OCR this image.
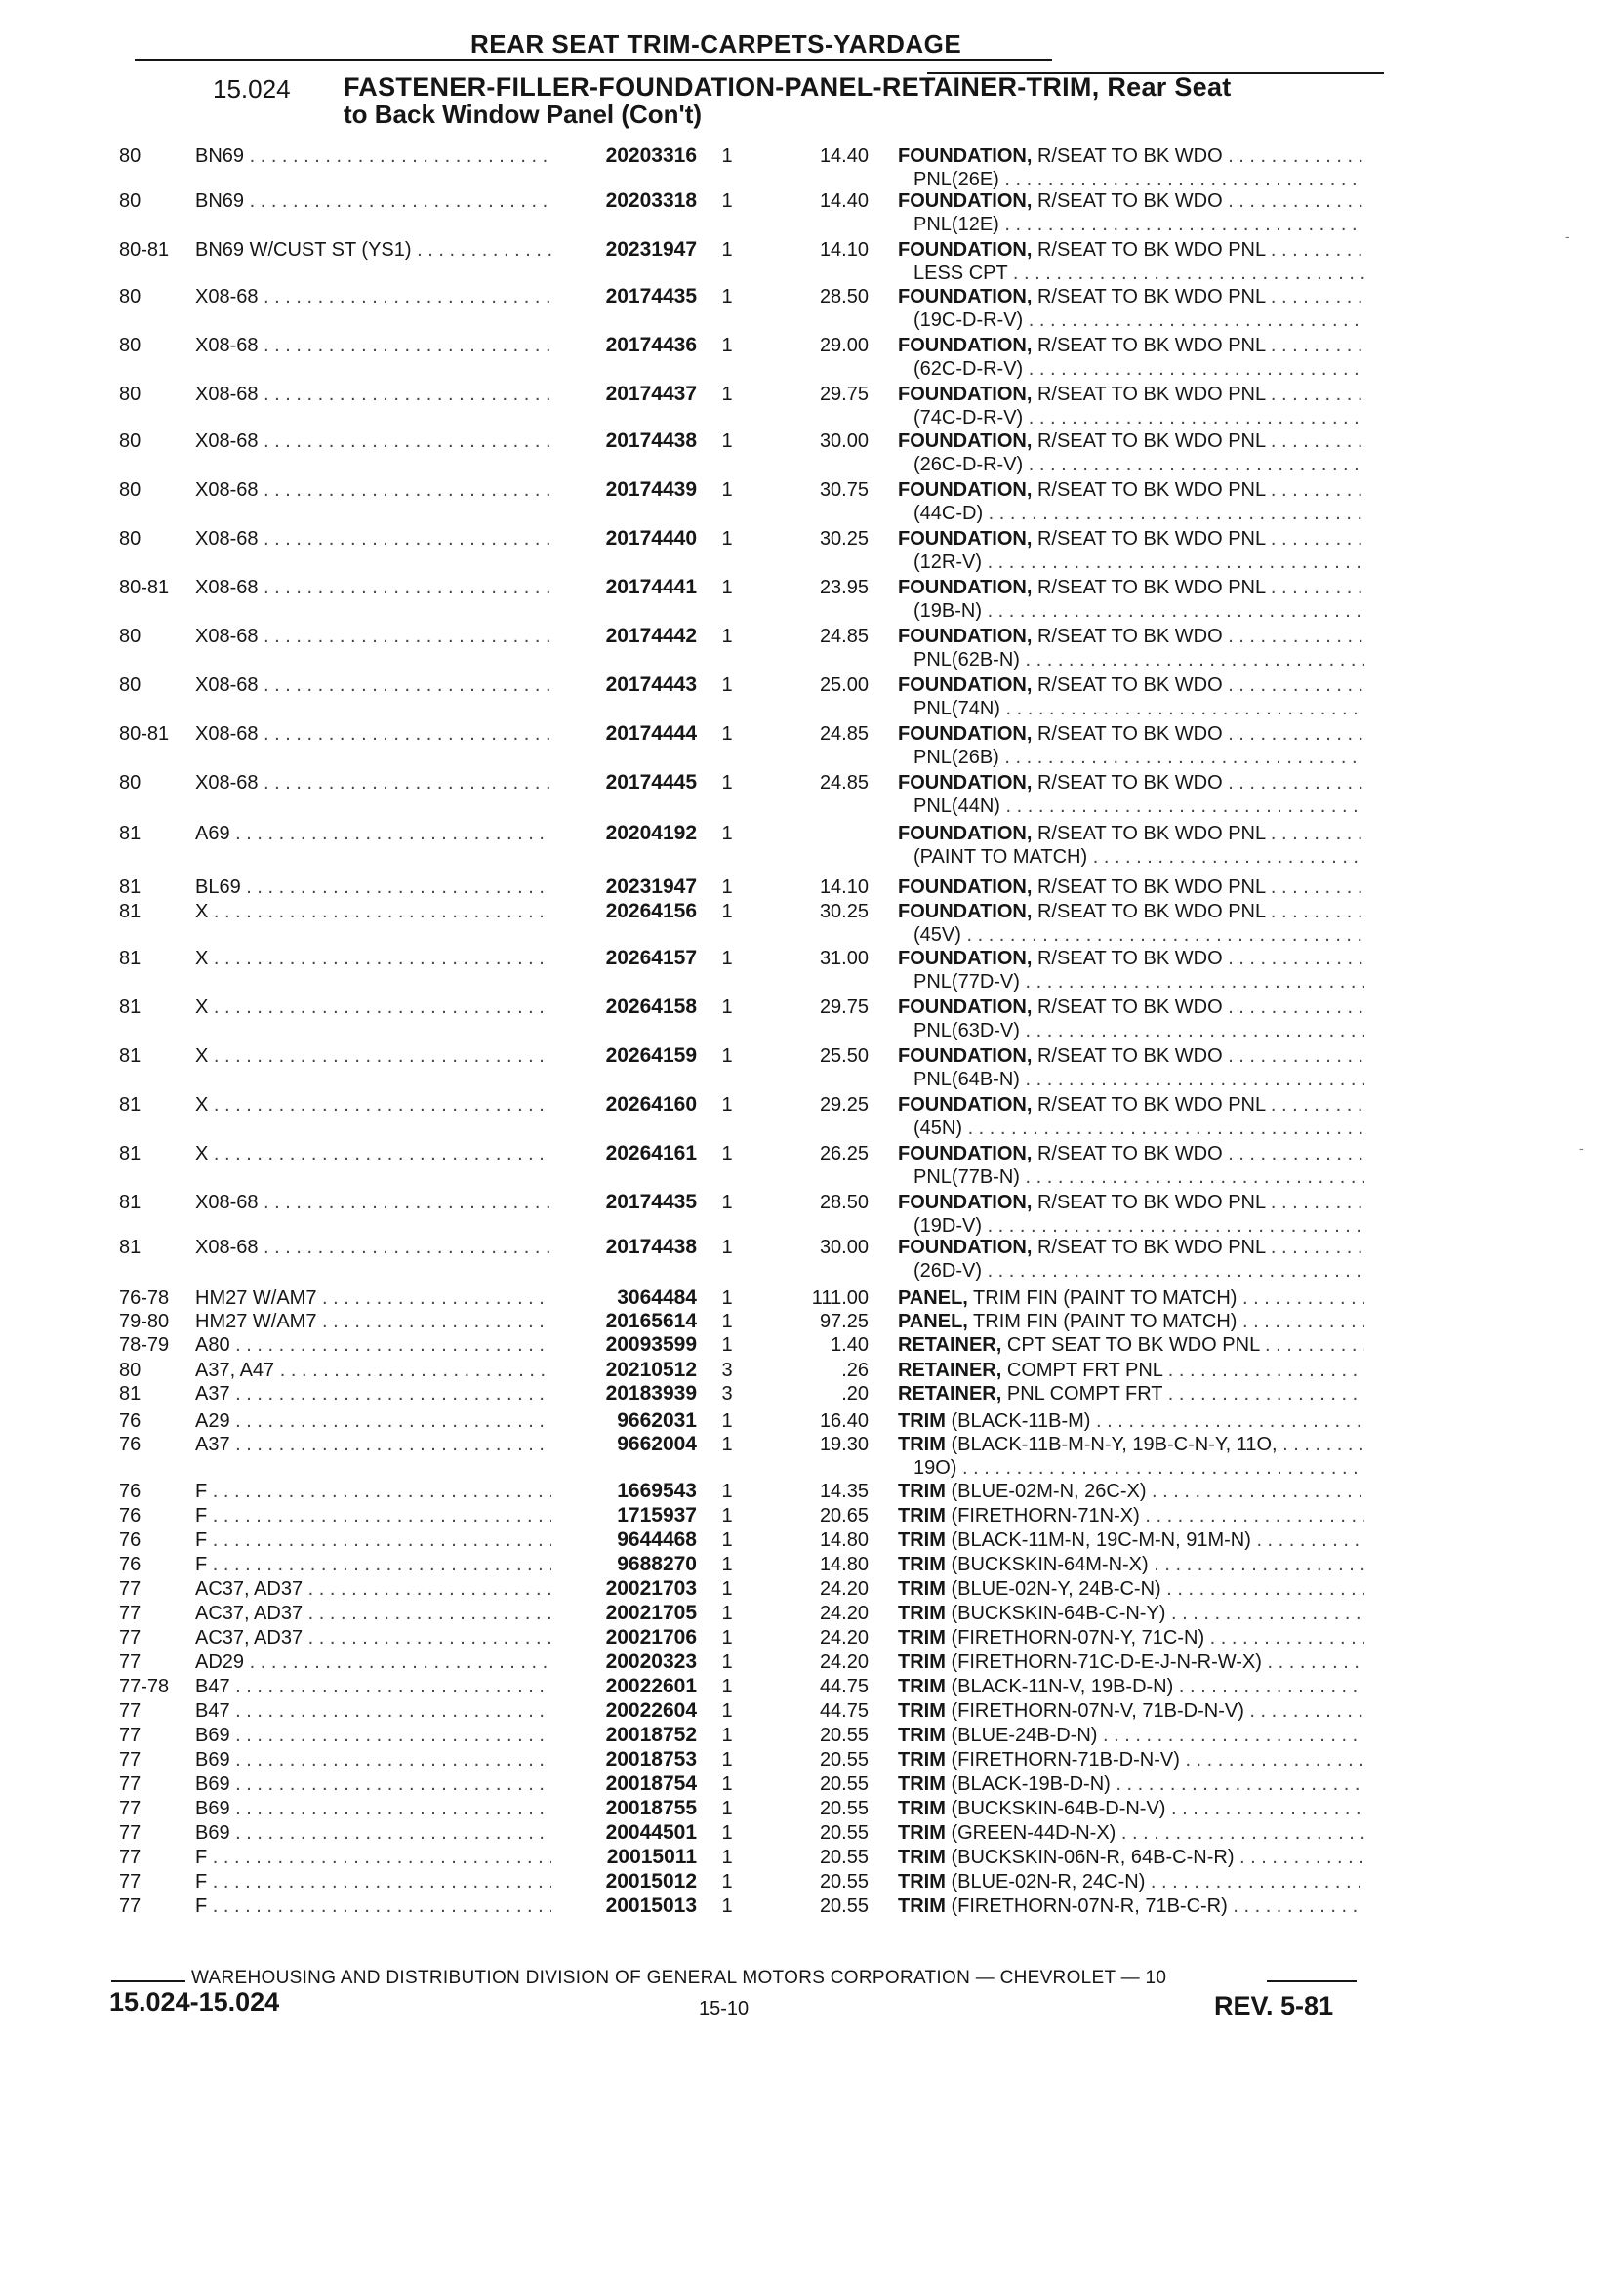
REAR SEAT TRIM-CARPETS-YARDAGE
15.024 FASTENER-FILLER-FOUNDATION-PANEL-RETAINER-TRIM, Rear Seat
to Back Window Panel (Con't)
80	BN69 . . .	20203316	1	14.40 FOUNDATION, R/SEAT TO BK WDO . . .
PNL(26E) . . .
80	BN69 . . .	20203318	1	14.40 FOUNDATION, R/SEAT TO BK WDO . . .
PNL(12E) . . .
80-81	BN69 W/CUST ST (YS1) . . .	20231947	1	14.10 FOUNDATION, R/SEAT TO BK WDO PNL . . .
LESS CPT . . .
80	X08-68 . . .	20174435	1	28.50 FOUNDATION, R/SEAT TO BK WDO PNL . . .
(19C-D-R-V) . . .
80	X08-68 . . .	20174436	1	29.00 FOUNDATION, R/SEAT TO BK WDO PNL . . .
(62C-D-R-V) . . .
80	X08-68 . . .	20174437	1	29.75 FOUNDATION, R/SEAT TO BK WDO PNL . . .
(74C-D-R-V) . . .
80	X08-68 . . .	20174438	1	30.00 FOUNDATION, R/SEAT TO BK WDO PNL . . .
(26C-D-R-V) . . .
80	X08-68 . . .	20174439	1	30.75 FOUNDATION, R/SEAT TO BK WDO PNL . . .
(44C-D) . . .
80	X08-68 . . .	20174440	1	30.25 FOUNDATION, R/SEAT TO BK WDO PNL . . .
(12R-V) . . .
80-81	X08-68 . . .	20174441	1	23.95 FOUNDATION, R/SEAT TO BK WDO PNL . . .
(19B-N) . . .
80	X08-68 . . .	20174442	1	24.85 FOUNDATION, R/SEAT TO BK WDO . . .
PNL(62B-N) . . .
80	X08-68 . . .	20174443	1	25.00 FOUNDATION, R/SEAT TO BK WDO . . .
PNL(74N) . . .
80-81	X08-68 . . .	20174444	1	24.85 FOUNDATION, R/SEAT TO BK WDO . . .
PNL(26B) . . .
80	X08-68 . . .	20174445	1	24.85 FOUNDATION, R/SEAT TO BK WDO . . .
PNL(44N) . . .
81	A69 . . .	20204192	1	FOUNDATION, R/SEAT TO BK WDO PNL . . .
(PAINT TO MATCH) . . .
81	BL69 . . .	20231947	1	14.10 FOUNDATION, R/SEAT TO BK WDO PNL . . .
81	X . . .	20264156	1	30.25 FOUNDATION, R/SEAT TO BK WDO PNL . . .
(45V) . . .
81	X . . .	20264157	1	31.00 FOUNDATION, R/SEAT TO BK WDO . . .
PNL(77D-V) . . .
81	X . . .	20264158	1	29.75 FOUNDATION, R/SEAT TO BK WDO . . .
PNL(63D-V) . . .
81	X . . .	20264159	1	25.50 FOUNDATION, R/SEAT TO BK WDO . . .
PNL(64B-N) . . .
81	X . . .	20264160	1	29.25 FOUNDATION, R/SEAT TO BK WDO PNL . . .
(45N) . . .
81	X . . .	20264161	1	26.25 FOUNDATION, R/SEAT TO BK WDO . . .
PNL(77B-N) . . .
81	X08-68 . . .	20174435	1	28.50 FOUNDATION, R/SEAT TO BK WDO PNL . . .
(19D-V) . . .
81	X08-68 . . .	20174438	1	30.00 FOUNDATION, R/SEAT TO BK WDO PNL . . .
(26D-V) . . .
76-78	HM27 W/AM7 . . .	3064484	1	111.00 PANEL, TRIM FIN (PAINT TO MATCH) . . .
79-80	HM27 W/AM7 . . .	20165614	1	97.25 PANEL, TRIM FIN (PAINT TO MATCH) . . .
78-79	A80 . . .	20093599	1	1.40 RETAINER, CPT SEAT TO BK WDO PNL . . .
80	A37, A47 . . .	20210512	3	.26 RETAINER, COMPT FRT PNL . . .
81	A37 . . .	20183939	3	.20 RETAINER, PNL COMPT FRT . . .
76	A29 . . .	9662031	1	16.40 TRIM (BLACK-11B-M) . . .
76	A37 . . .	9662004	1	19.30 TRIM (BLACK-11B-M-N-Y, 19B-C-N-Y, 11O, . . .
19O) . . .
76	F . . .	1669543	1	14.35 TRIM (BLUE-02M-N, 26C-X) . . .
76	F . . .	1715937	1	20.65 TRIM (FIRETHORN-71N-X) . . .
76	F . . .	9644468	1	14.80 TRIM (BLACK-11M-N, 19C-M-N, 91M-N) . . .
76	F . . .	9688270	1	14.80 TRIM (BUCKSKIN-64M-N-X) . . .
77	AC37, AD37 . . .	20021703	1	24.20 TRIM (BLUE-02N-Y, 24B-C-N) . . .
77	AC37, AD37 . . .	20021705	1	24.20 TRIM (BUCKSKIN-64B-C-N-Y) . . .
77	AC37, AD37 . . .	20021706	1	24.20 TRIM (FIRETHORN-07N-Y, 71C-N) . . .
77	AD29 . . .	20020323	1	24.20 TRIM (FIRETHORN-71C-D-E-J-N-R-W-X) . . .
77-78	B47 . . .	20022601	1	44.75 TRIM (BLACK-11N-V, 19B-D-N) . . .
77	B47 . . .	20022604	1	44.75 TRIM (FIRETHORN-07N-V, 71B-D-N-V) . . .
77	B69 . . .	20018752	1	20.55 TRIM (BLUE-24B-D-N) . . .
77	B69 . . .	20018753	1	20.55 TRIM (FIRETHORN-71B-D-N-V) . . .
77	B69 . . .	20018754	1	20.55 TRIM (BLACK-19B-D-N) . . .
77	B69 . . .	20018755	1	20.55 TRIM (BUCKSKIN-64B-D-N-V) . . .
77	B69 . . .	20044501	1	20.55 TRIM (GREEN-44D-N-X) . . .
77	F . . .	20015011	1	20.55 TRIM (BUCKSKIN-06N-R, 64B-C-N-R) . . .
77	F . . .	20015012	1	20.55 TRIM (BLUE-02N-R, 24C-N) . . .
77	F . . .	20015013	1	20.55 TRIM (FIRETHORN-07N-R, 71B-C-R) . . .
WAREHOUSING AND DISTRIBUTION DIVISION OF GENERAL MOTORS CORPORATION — CHEVROLET — 10
15.024-15.024	15-10	REV. 5-81
-
-
